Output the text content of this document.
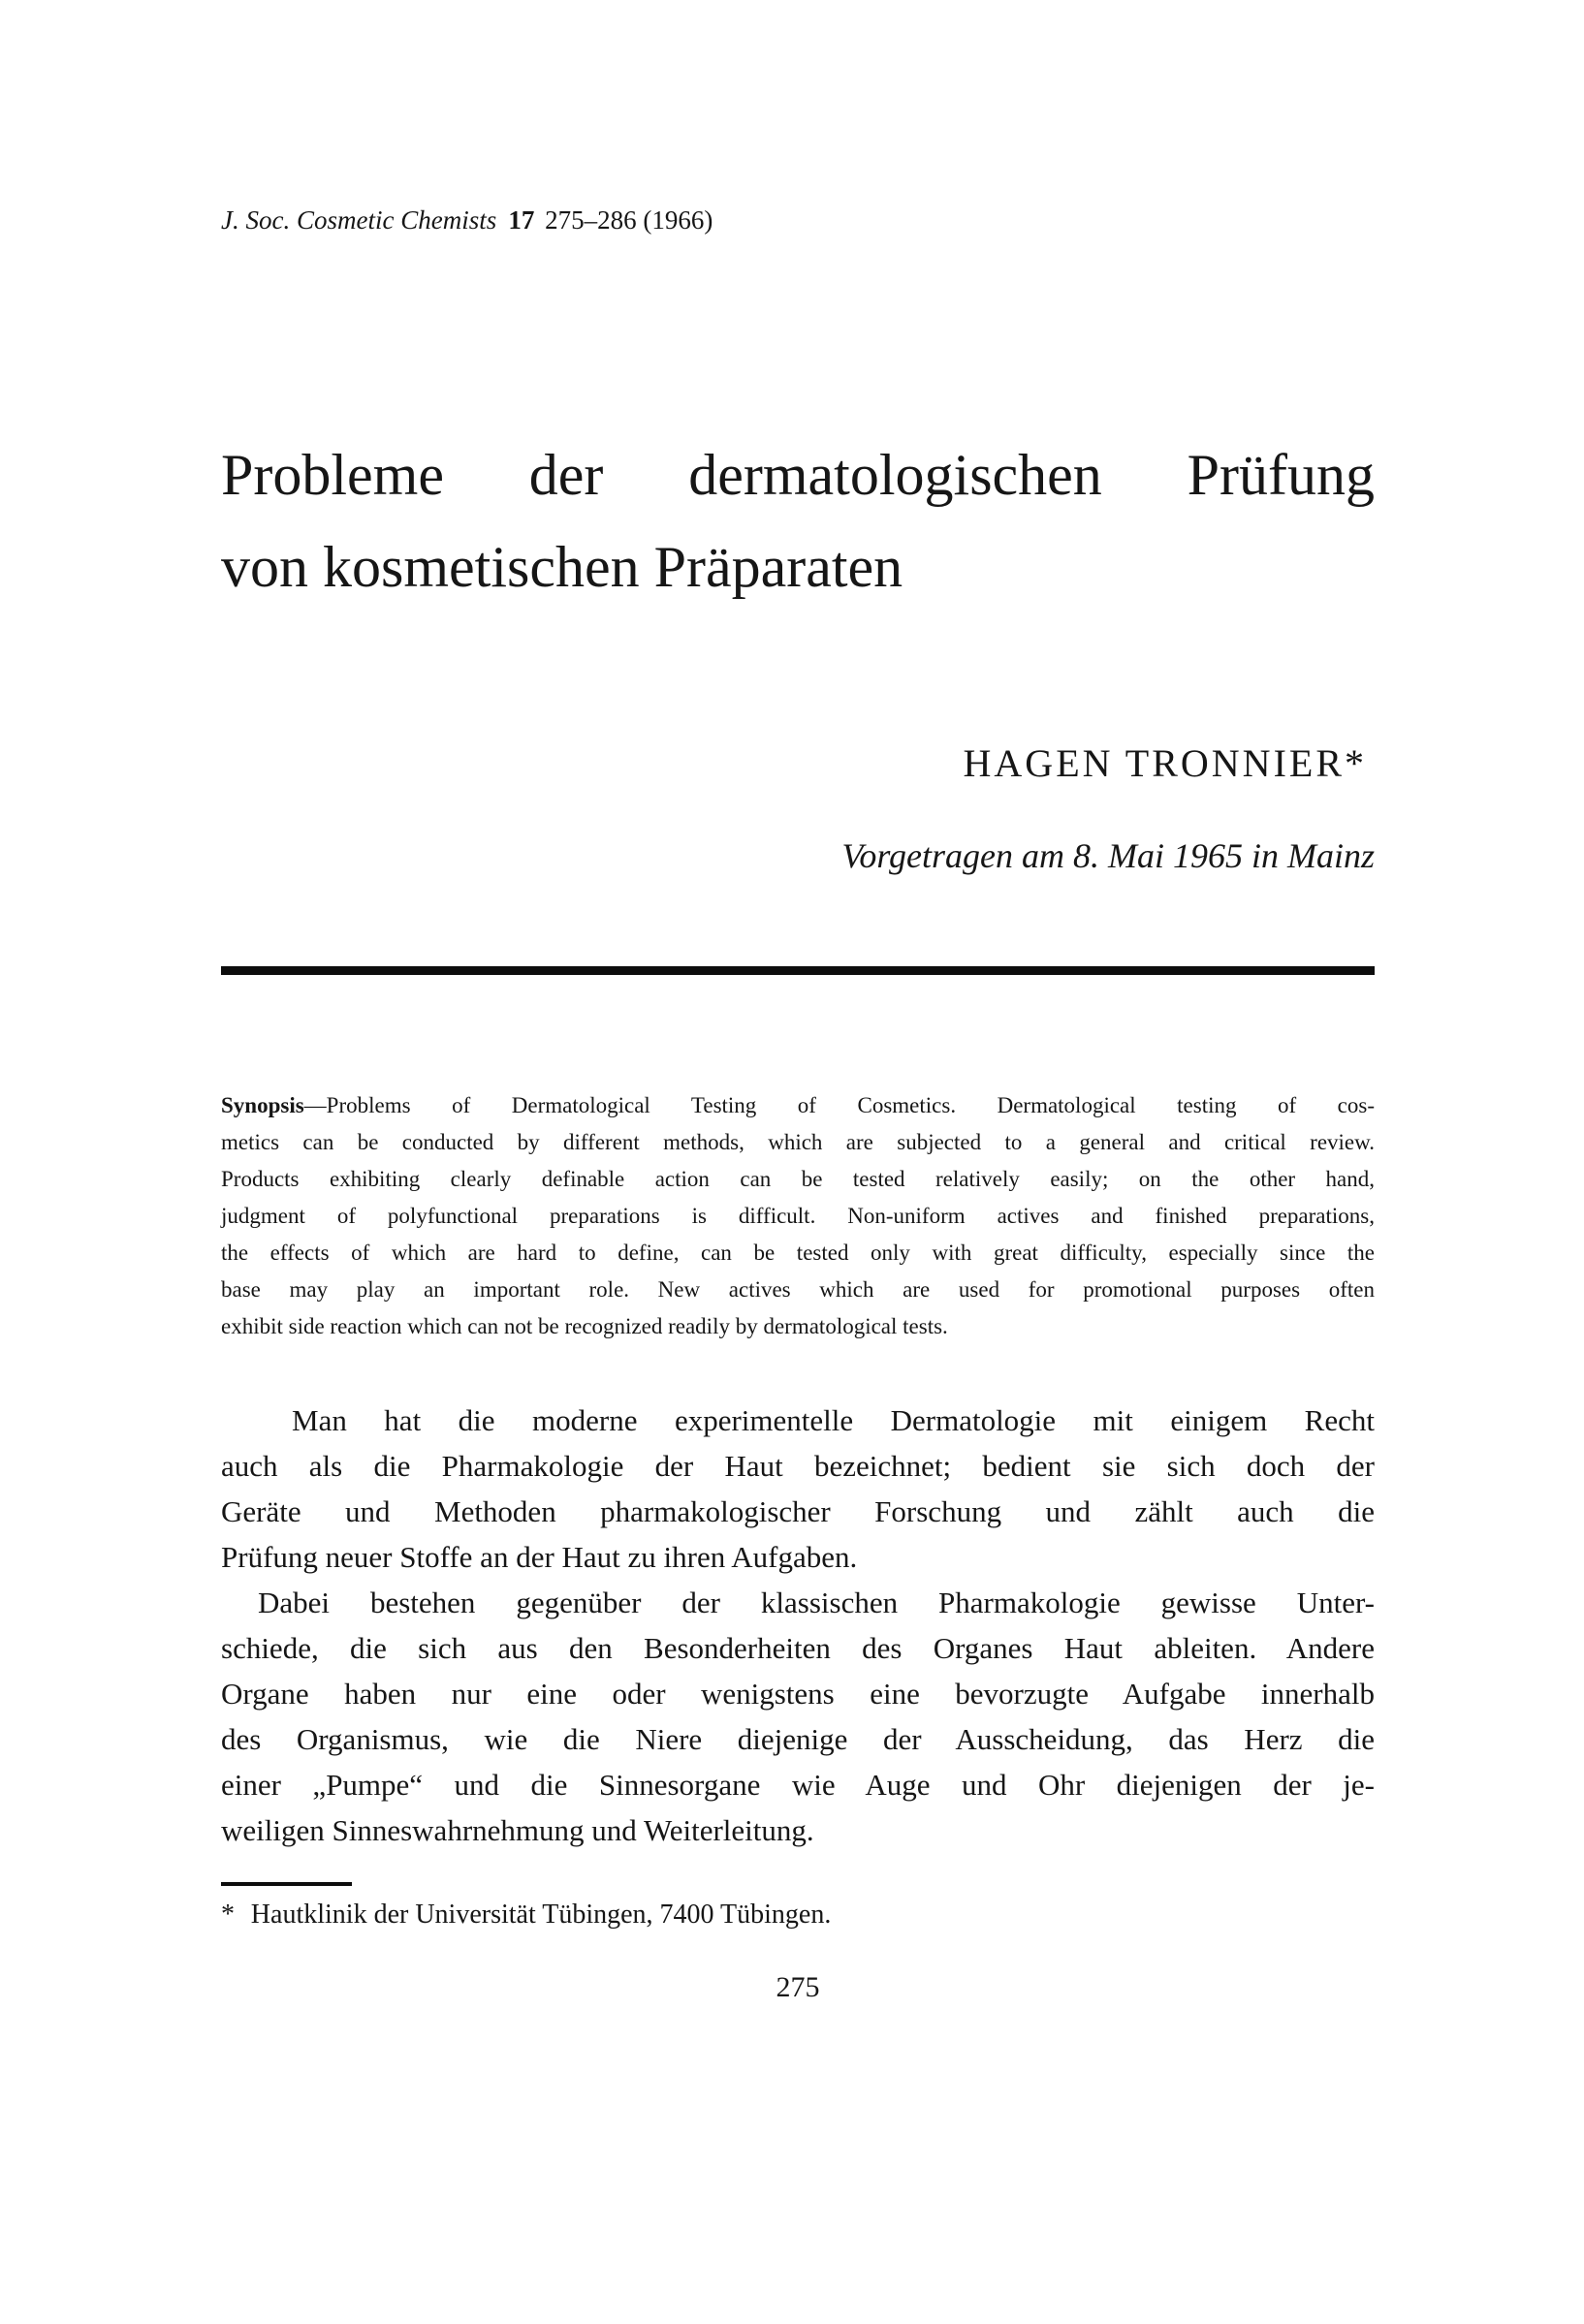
J. Soc. Cosmetic Chemists 17 275–286 (1966)
Probleme der dermatologischen Prüfung
von kosmetischen Präparaten
HAGEN TRONNIER*
Vorgetragen am 8. Mai 1965 in Mainz
Synopsis—Problems of Dermatological Testing of Cosmetics. Dermatological testing of cos-
metics can be conducted by different methods, which are subjected to a general and critical review.
Products exhibiting clearly definable action can be tested relatively easily; on the other hand,
judgment of polyfunctional preparations is difficult. Non-uniform actives and finished preparations,
the effects of which are hard to define, can be tested only with great difficulty, especially since the
base may play an important role. New actives which are used for promotional purposes often
exhibit side reaction which can not be recognized readily by dermatological tests.
Man hat die moderne experimentelle Dermatologie mit einigem Recht
auch als die Pharmakologie der Haut bezeichnet; bedient sie sich doch der
Geräte und Methoden pharmakologischer Forschung und zählt auch die
Prüfung neuer Stoffe an der Haut zu ihren Aufgaben.
Dabei bestehen gegenüber der klassischen Pharmakologie gewisse Unter-
schiede, die sich aus den Besonderheiten des Organes Haut ableiten. Andere
Organe haben nur eine oder wenigstens eine bevorzugte Aufgabe innerhalb
des Organismus, wie die Niere diejenige der Ausscheidung, das Herz die
einer „Pumpe“ und die Sinnesorgane wie Auge und Ohr diejenigen der je-
weiligen Sinneswahrnehmung und Weiterleitung.
* Hautklinik der Universität Tübingen, 7400 Tübingen.
275
